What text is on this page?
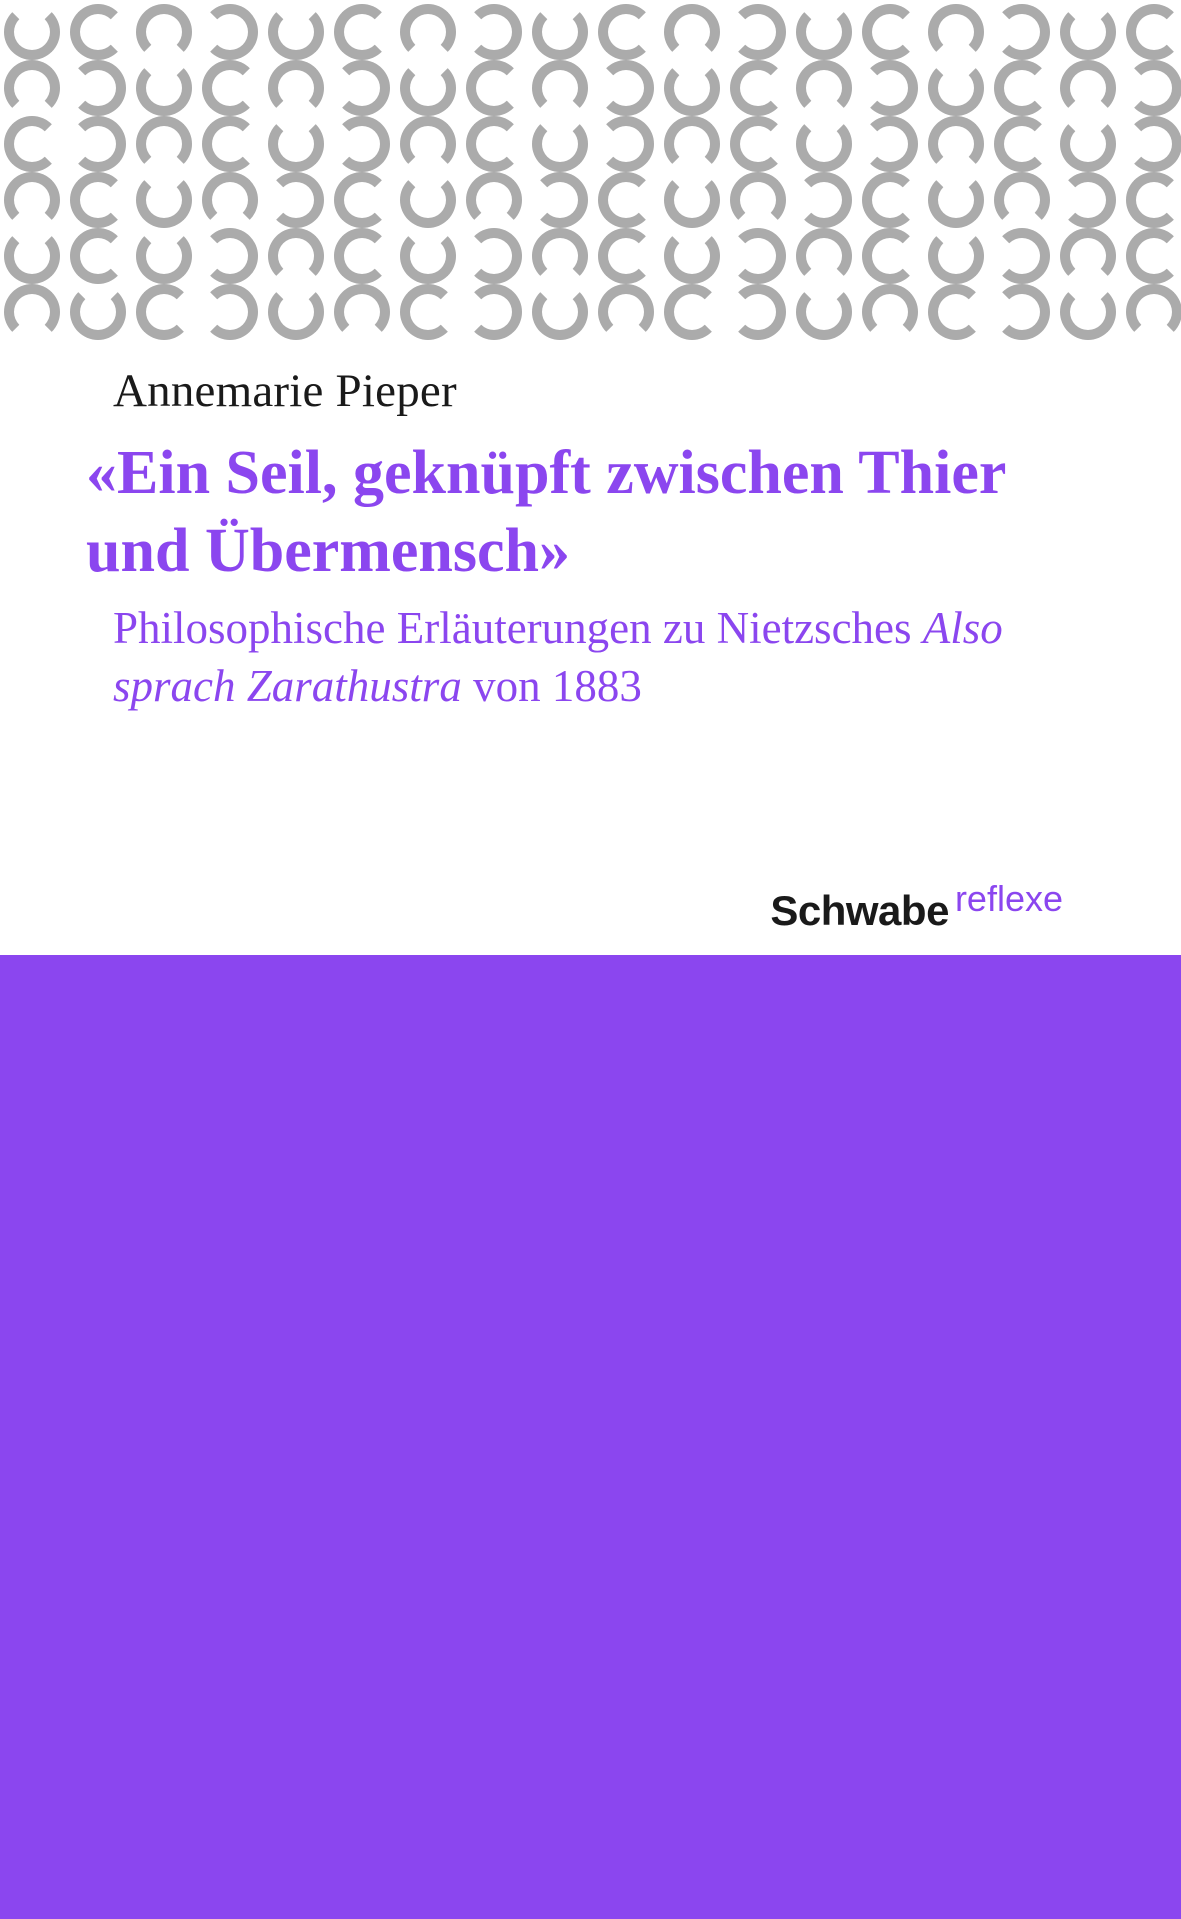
Annemarie Pieper
«Ein Seil, geknüpft zwischen Thier und Übermensch»
Philosophische Erläuterungen zu Nietzsches Also sprach Zarathustra von 1883
Schwabe reflexe
